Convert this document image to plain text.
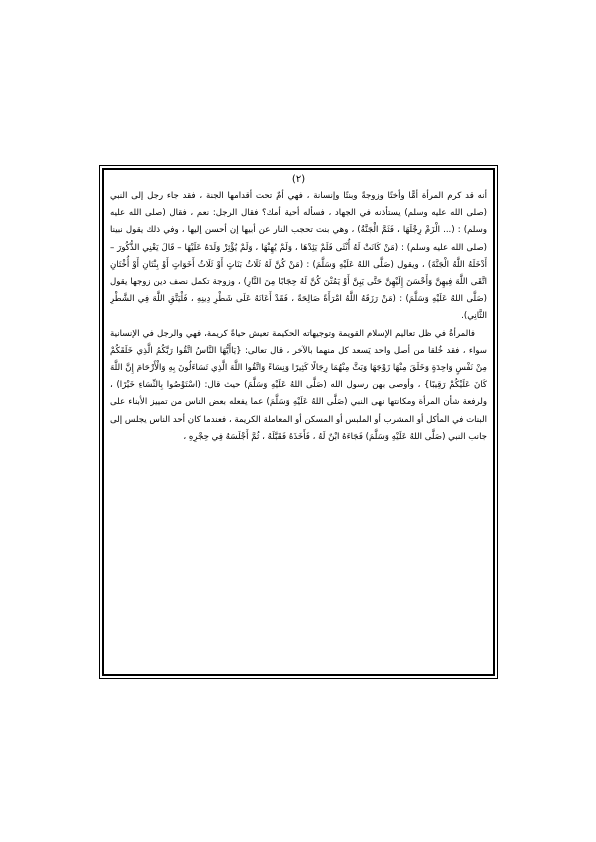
(٢)

أنه قد كرم المرأة أمًّا وأختًا وزوجةً وبنتًا وإنسانة ، فهي أمٌ تحت أقدامها الجنة ، فقد جاء رجل إلى النبي (صلى الله عليه وسلم) يستأذنه في الجهاد ، فسأله أحية أمك؟ فقال الرجل: نعم ، فقال (صلى الله عليه وسلم) : (... الْزَمْ رِجْلَهَا ، فَثَمَّ الْجَنَّةُ) ، وهي بنت تحجب النار عن أبيها إن أحسن إليها ، وفي ذلك يقول نبينا (صلى الله عليه وسلم) : (مَنْ كَانَتْ لَهُ أُنْثَى فَلَمْ يَئِدْهَا ، وَلَمْ يُهِنْهَا ، وَلَمْ يُؤْثِرْ وَلَدَهُ عَلَيْهَا – قَالَ يَعْنِي الذُّكُورَ – أَدْخَلَهُ اللَّهُ الْجَنَّةَ) ، ويقول (صَلَّى اللهُ عَلَيْهِ وَسَلَّمَ) : (مَنْ كُنَّ لَهُ ثَلَاثُ بَنَاتٍ أَوْ ثَلَاثُ أَخَوَاتٍ أَوْ بِنْتَانِ أَوْ أُخْتَانِ اتَّقَى اللَّهَ فِيهِنَّ وَأَحْسَنَ إِلَيْهِنَّ حَتَّى يَبِنَّ أَوْ يَمُتْنَ كُنَّ لَهُ حِجَابًا مِنَ النَّارِ) ، وزوجة تكمل نصف دين زوجها يقول (صَلَّى اللهُ عَلَيْهِ وَسَلَّمَ) : (مَنْ رَزَقَهُ اللَّهُ امْرَأَةً صَالِحَةً ، فَقَدْ أَعَانَهُ عَلَى شَطْرِ دِينِهِ ، فَلْيَتَّقِ اللَّهَ فِي الشَّطْرِ الثَّانِي).

فالمرأةُ في ظل تعاليم الإسلام القويمة وتوجيهاته الحكيمة تعيش حياةً كريمة، فهي والرجل في الإنسانية سواء ، فقد خُلقا من أصل واحد يَسعد كل منهما بالآخر ، قال تعالى: {يَاأَيُّهَا النَّاسُ اتَّقُوا رَبَّكُمُ الَّذِي خَلَقَكُمْ مِنْ نَفْسٍ وَاحِدَةٍ وَخَلَقَ مِنْهَا زَوْجَهَا وَبَثَّ مِنْهُمَا رِجَالًا كَثِيرًا وَنِسَاءً وَاتَّقُوا اللَّهَ الَّذِي تَسَاءَلُونَ بِهِ وَالْأَرْحَامَ إِنَّ اللَّهَ كَانَ عَلَيْكُمْ رَقِيبًا} ، وأوصى بهن رسول الله (صَلَّى اللهُ عَلَيْهِ وَسَلَّمَ) حيث قال: (اسْتَوْصُوا بِالنِّسَاءِ خَيْرًا) ، ولرفعة شأن المرأة ومكانتها نهى النبي (صَلَّى اللهُ عَلَيْهِ وَسَلَّمَ) عما يفعله بعض الناس من تمييز الأبناء على البنات في المأكل أو المشرب أو الملبس أو المسكن أو المعاملة الكريمة ، فعندما كان أحد الناس يجلس إلى جانب النبي (صَلَّى اللهُ عَلَيْهِ وَسَلَّمَ) فَجَاءَهُ ابْنٌ لَهُ ، فَأَخَذَهُ فَقَبَّلَهُ ، ثُمَّ أَجْلَسَهُ فِي حِجْرِهِ ،
